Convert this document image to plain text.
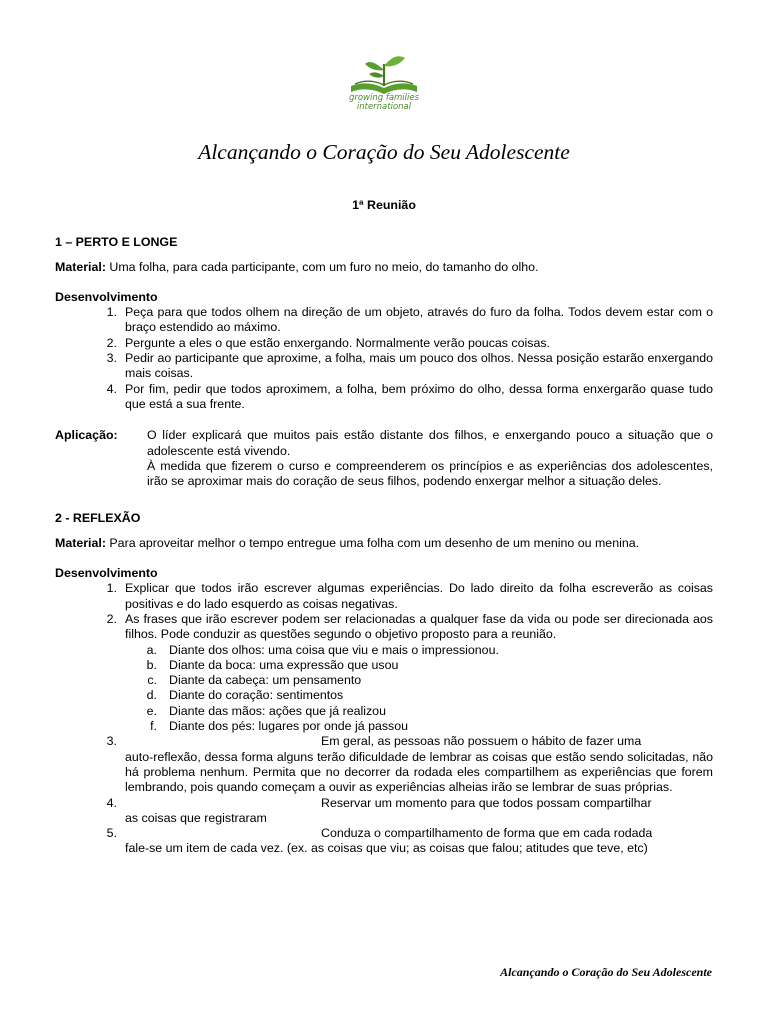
growing families
international
Alcançando o Coração do Seu Adolescente
1ª Reunião
1 – PERTO E LONGE
Material: Uma folha, para cada participante, com um furo no meio, do tamanho do olho.
Desenvolvimento
1. Peça para que todos olhem na direção de um objeto, através do furo da folha. Todos devem estar com o braço estendido ao máximo.
2. Pergunte a eles o que estão enxergando. Normalmente verão poucas coisas.
3. Pedir ao participante que aproxime, a folha, mais um pouco dos olhos. Nessa posição estarão enxergando mais coisas.
4. Por fim, pedir que todos aproximem, a folha, bem próximo do olho, dessa forma enxergarão quase tudo que está a sua frente.
Aplicação:	O líder explicará que muitos pais estão distante dos filhos, e enxergando pouco a situação que o adolescente está vivendo.
À medida que fizerem o curso e compreenderem os princípios e as experiências dos adolescentes, irão se aproximar mais do coração de seus filhos, podendo enxergar melhor a situação deles.
2 - REFLEXÃO
Material: Para aproveitar melhor o tempo entregue uma folha com um desenho de um menino ou menina.
Desenvolvimento
1. Explicar que todos irão escrever algumas experiências. Do lado direito da folha escreverão as coisas positivas e do lado esquerdo as coisas negativas.
2. As frases que irão escrever podem ser relacionadas a qualquer fase da vida ou pode ser direcionada aos filhos. Pode conduzir as questões segundo o objetivo proposto para a reunião.
a. Diante dos olhos: uma coisa que viu e mais o impressionou.
b. Diante da boca: uma expressão que usou
c. Diante da cabeça: um pensamento
d. Diante do coração: sentimentos
e. Diante das mãos: ações que já realizou
f. Diante dos pés: lugares por onde já passou
3.	Em geral, as pessoas não possuem o hábito de fazer uma
auto-reflexão, dessa forma alguns terão dificuldade de lembrar as coisas que estão sendo solicitadas, não há problema nenhum. Permita que no decorrer da rodada eles compartilhem as experiências que forem lembrando, pois quando começam a ouvir as experiências alheias irão se lembrar de suas próprias.
4.	Reservar um momento para que todos possam compartilhar
as coisas que registraram
5.	Conduza o compartilhamento de forma que em cada rodada
fale-se um item de cada vez. (ex. as coisas que viu; as coisas que falou; atitudes que teve, etc)
Alcançando o Coração do Seu Adolescente
